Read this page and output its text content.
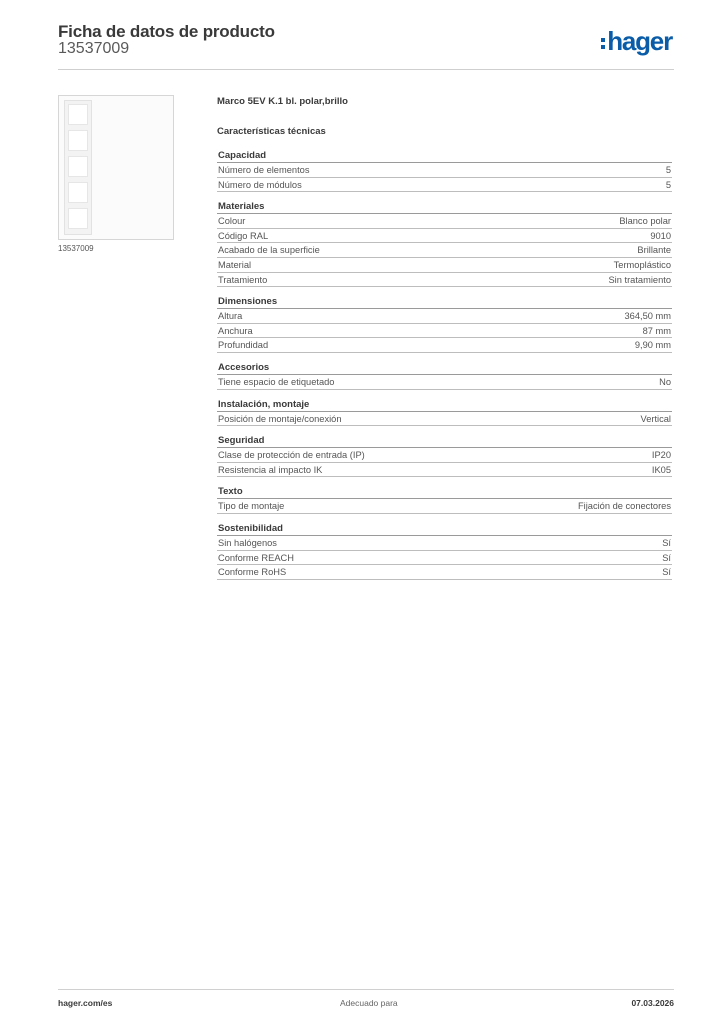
Ficha de datos de producto
13537009	hager
13537009
Marco 5EV K.1 bl. polar,brillo
Características técnicas
Capacidad
Número de elementos	5
Número de módulos	5
Materiales
Colour	Blanco polar
Código RAL	9010
Acabado de la superficie	Brillante
Material	Termoplástico
Tratamiento	Sin tratamiento
Dimensiones
Altura	364,50 mm
Anchura	87 mm
Profundidad	9,90 mm
Accesorios
Tiene espacio de etiquetado	No
Instalación, montaje
Posición de montaje/conexión	Vertical
Seguridad
Clase de protección de entrada (IP)	IP20
Resistencia al impacto IK	IK05
Texto
Tipo de montaje	Fijación de conectores
Sostenibilidad
Sin halógenos	Sí
Conforme REACH	Sí
Conforme RoHS	Sí
hager.com/es	Adecuado para	07.03.2026
